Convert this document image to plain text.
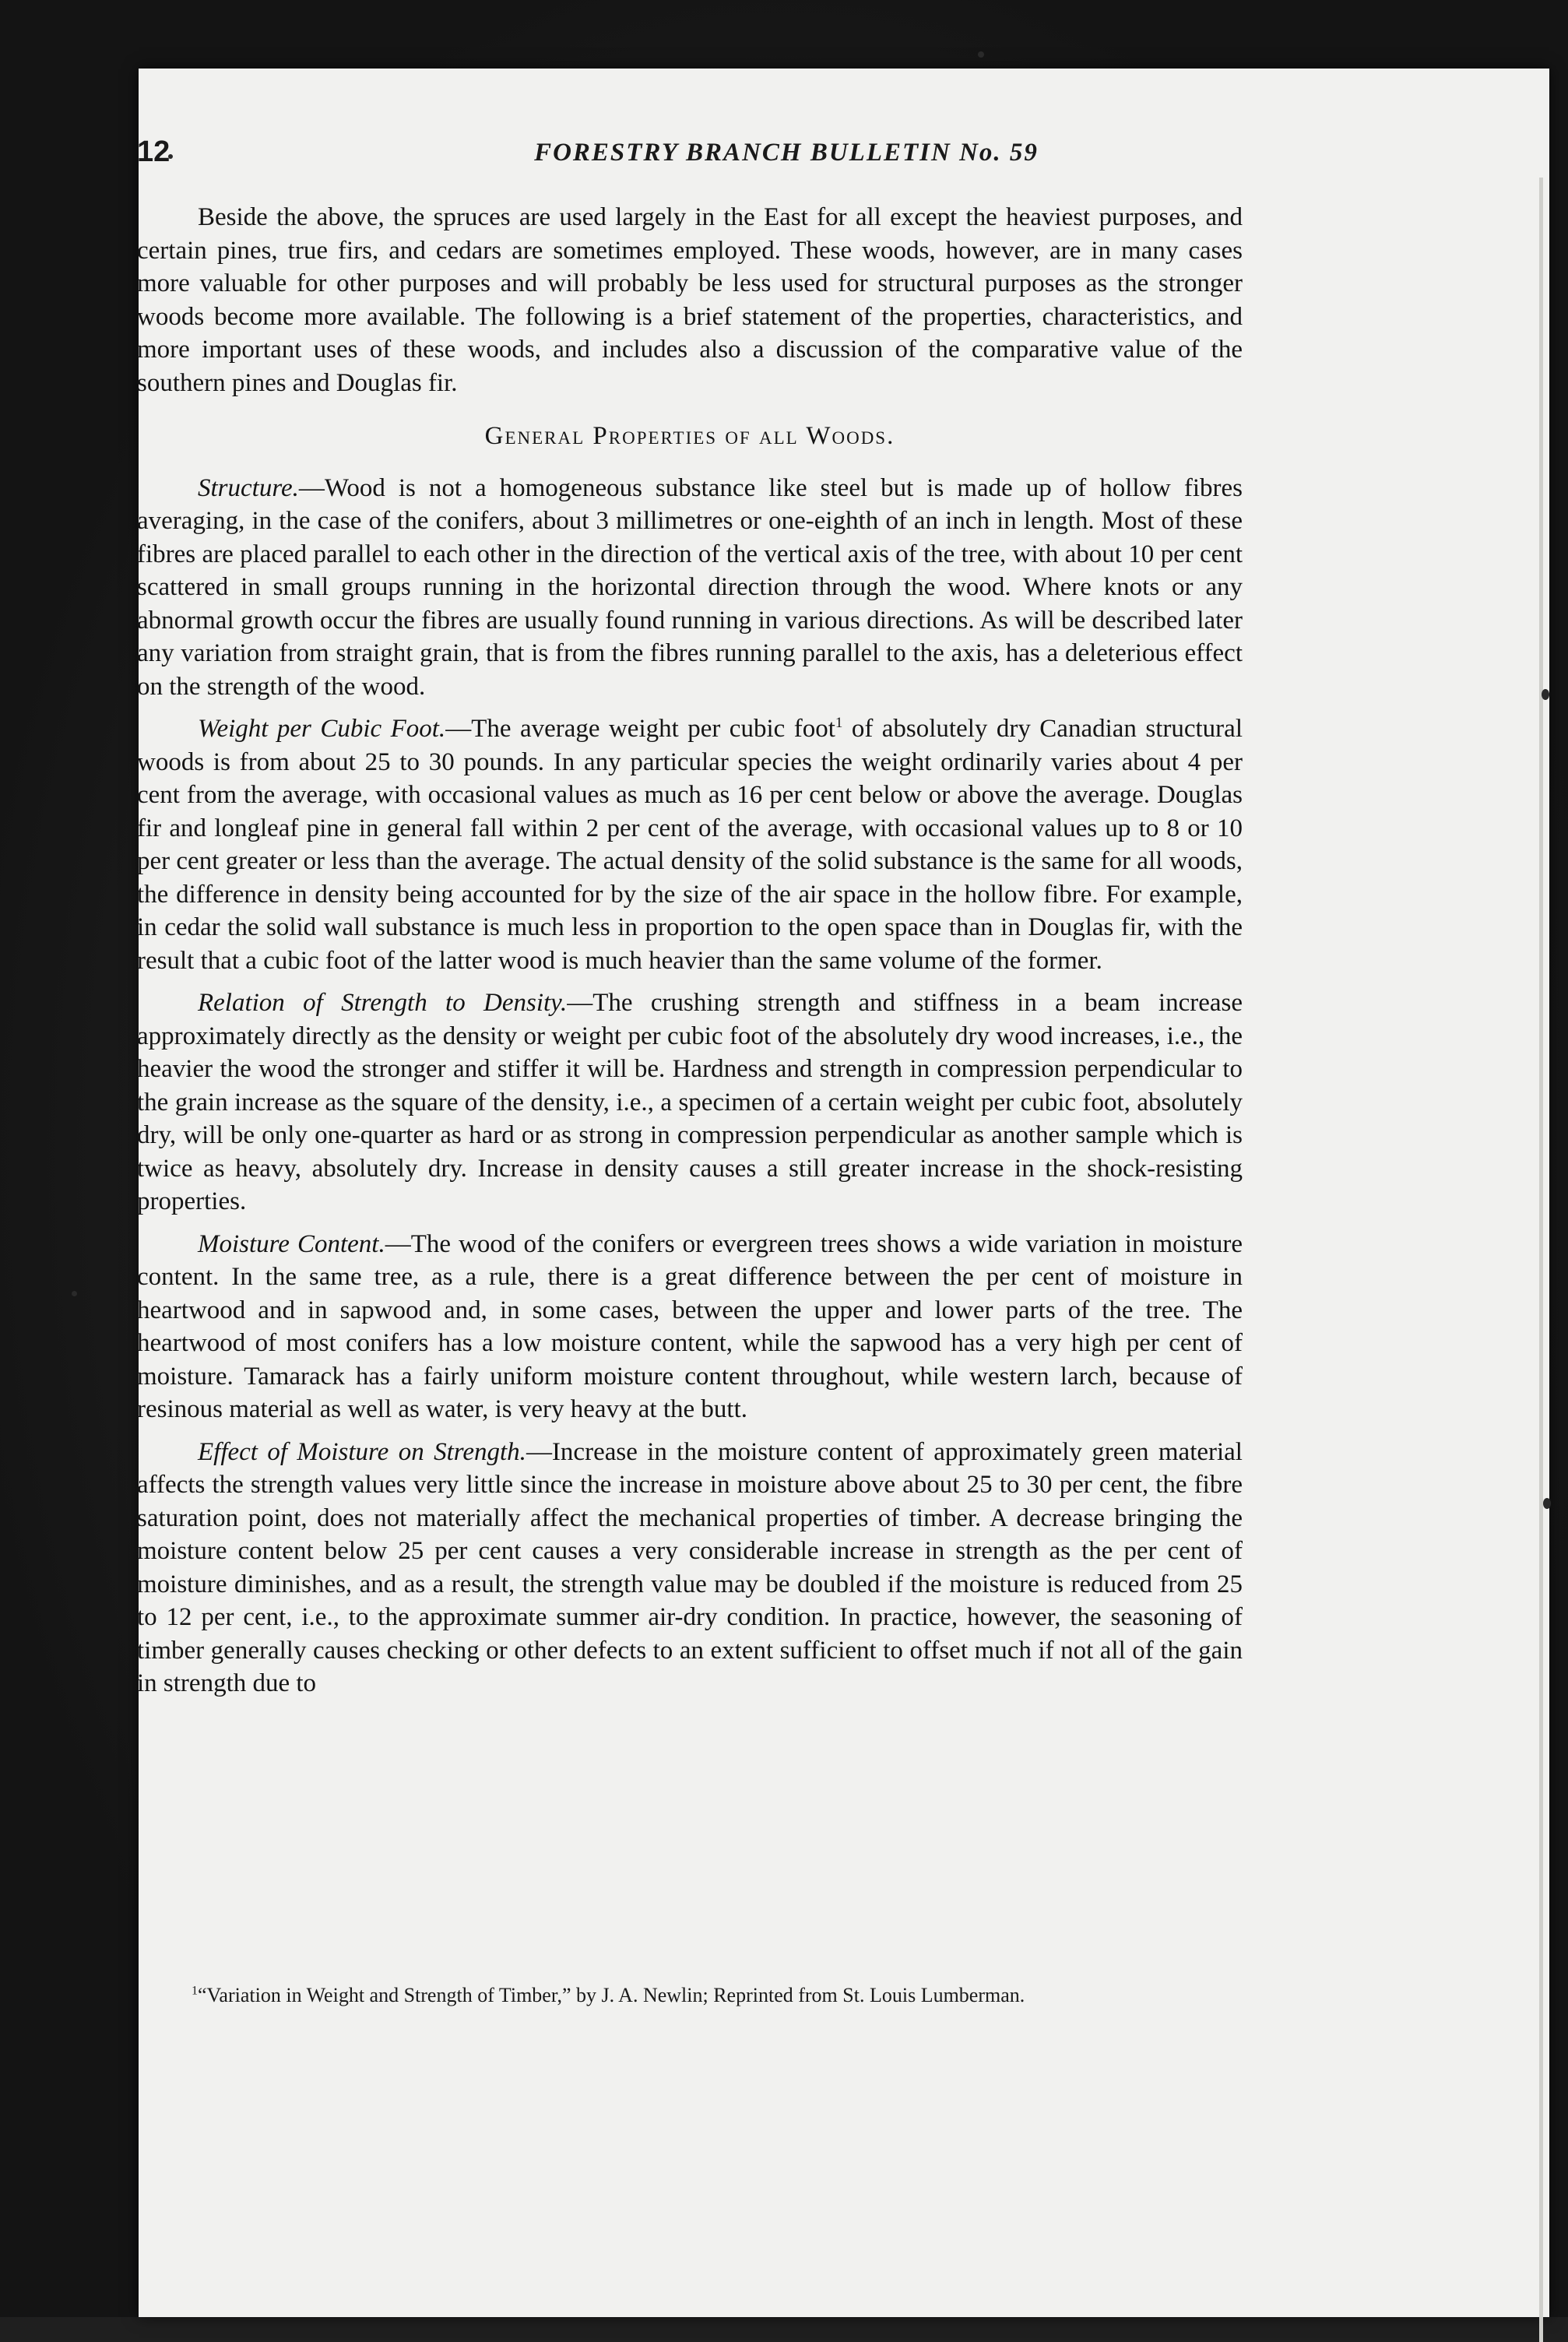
12	FORESTRY BRANCH BULLETIN No. 59

Beside the above, the spruces are used largely in the East for all except the heaviest purposes, and certain pines, true firs, and cedars are sometimes employed. These woods, however, are in many cases more valuable for other purposes and will probably be less used for structural purposes as the stronger woods become more available. The following is a brief statement of the properties, characteristics, and more important uses of these woods, and includes also a discussion of the comparative value of the southern pines and Douglas fir.

General Properties of all Woods.

Structure.—Wood is not a homogeneous substance like steel but is made up of hollow fibres averaging, in the case of the conifers, about 3 millimetres or one-eighth of an inch in length. Most of these fibres are placed parallel to each other in the direction of the vertical axis of the tree, with about 10 per cent scattered in small groups running in the horizontal direction through the wood. Where knots or any abnormal growth occur the fibres are usually found running in various directions. As will be described later any variation from straight grain, that is from the fibres running parallel to the axis, has a deleterious effect on the strength of the wood.

Weight per Cubic Foot.—The average weight per cubic foot$^1$ of absolutely dry Canadian structural woods is from about 25 to 30 pounds. In any particular species the weight ordinarily varies about 4 per cent from the average, with occasional values as much as 16 per cent below or above the average. Douglas fir and longleaf pine in general fall within 2 per cent of the average, with occasional values up to 8 or 10 per cent greater or less than the average. The actual density of the solid substance is the same for all woods, the difference in density being accounted for by the size of the air space in the hollow fibre. For example, in cedar the solid wall substance is much less in proportion to the open space than in Douglas fir, with the result that a cubic foot of the latter wood is much heavier than the same volume of the former.

Relation of Strength to Density.—The crushing strength and stiffness in a beam increase approximately directly as the density or weight per cubic foot of the absolutely dry wood increases, i.e., the heavier the wood the stronger and stiffer it will be. Hardness and strength in compression perpendicular to the grain increase as the square of the density, i.e., a specimen of a certain weight per cubic foot, absolutely dry, will be only one-quarter as hard or as strong in compression perpendicular as another sample which is twice as heavy, absolutely dry. Increase in density causes a still greater increase in the shock-resisting properties.

Moisture Content.—The wood of the conifers or evergreen trees shows a wide variation in moisture content. In the same tree, as a rule, there is a great difference between the per cent of moisture in heartwood and in sapwood and, in some cases, between the upper and lower parts of the tree. The heartwood of most conifers has a low moisture content, while the sapwood has a very high per cent of moisture. Tamarack has a fairly uniform moisture content throughout, while western larch, because of resinous material as well as water, is very heavy at the butt.

Effect of Moisture on Strength.—Increase in the moisture content of approximately green material affects the strength values very little since the increase in moisture above about 25 to 30 per cent, the fibre saturation point, does not materially affect the mechanical properties of timber. A decrease bringing the moisture content below 25 per cent causes a very considerable increase in strength as the per cent of moisture diminishes, and as a result, the strength value may be doubled if the moisture is reduced from 25 to 12 per cent, i.e., to the approximate summer air-dry condition. In practice, however, the seasoning of timber generally causes checking or other defects to an extent sufficient to offset much if not all of the gain in strength due to

$^1$“Variation in Weight and Strength of Timber,” by J. A. Newlin; Reprinted from St. Louis Lumberman.
